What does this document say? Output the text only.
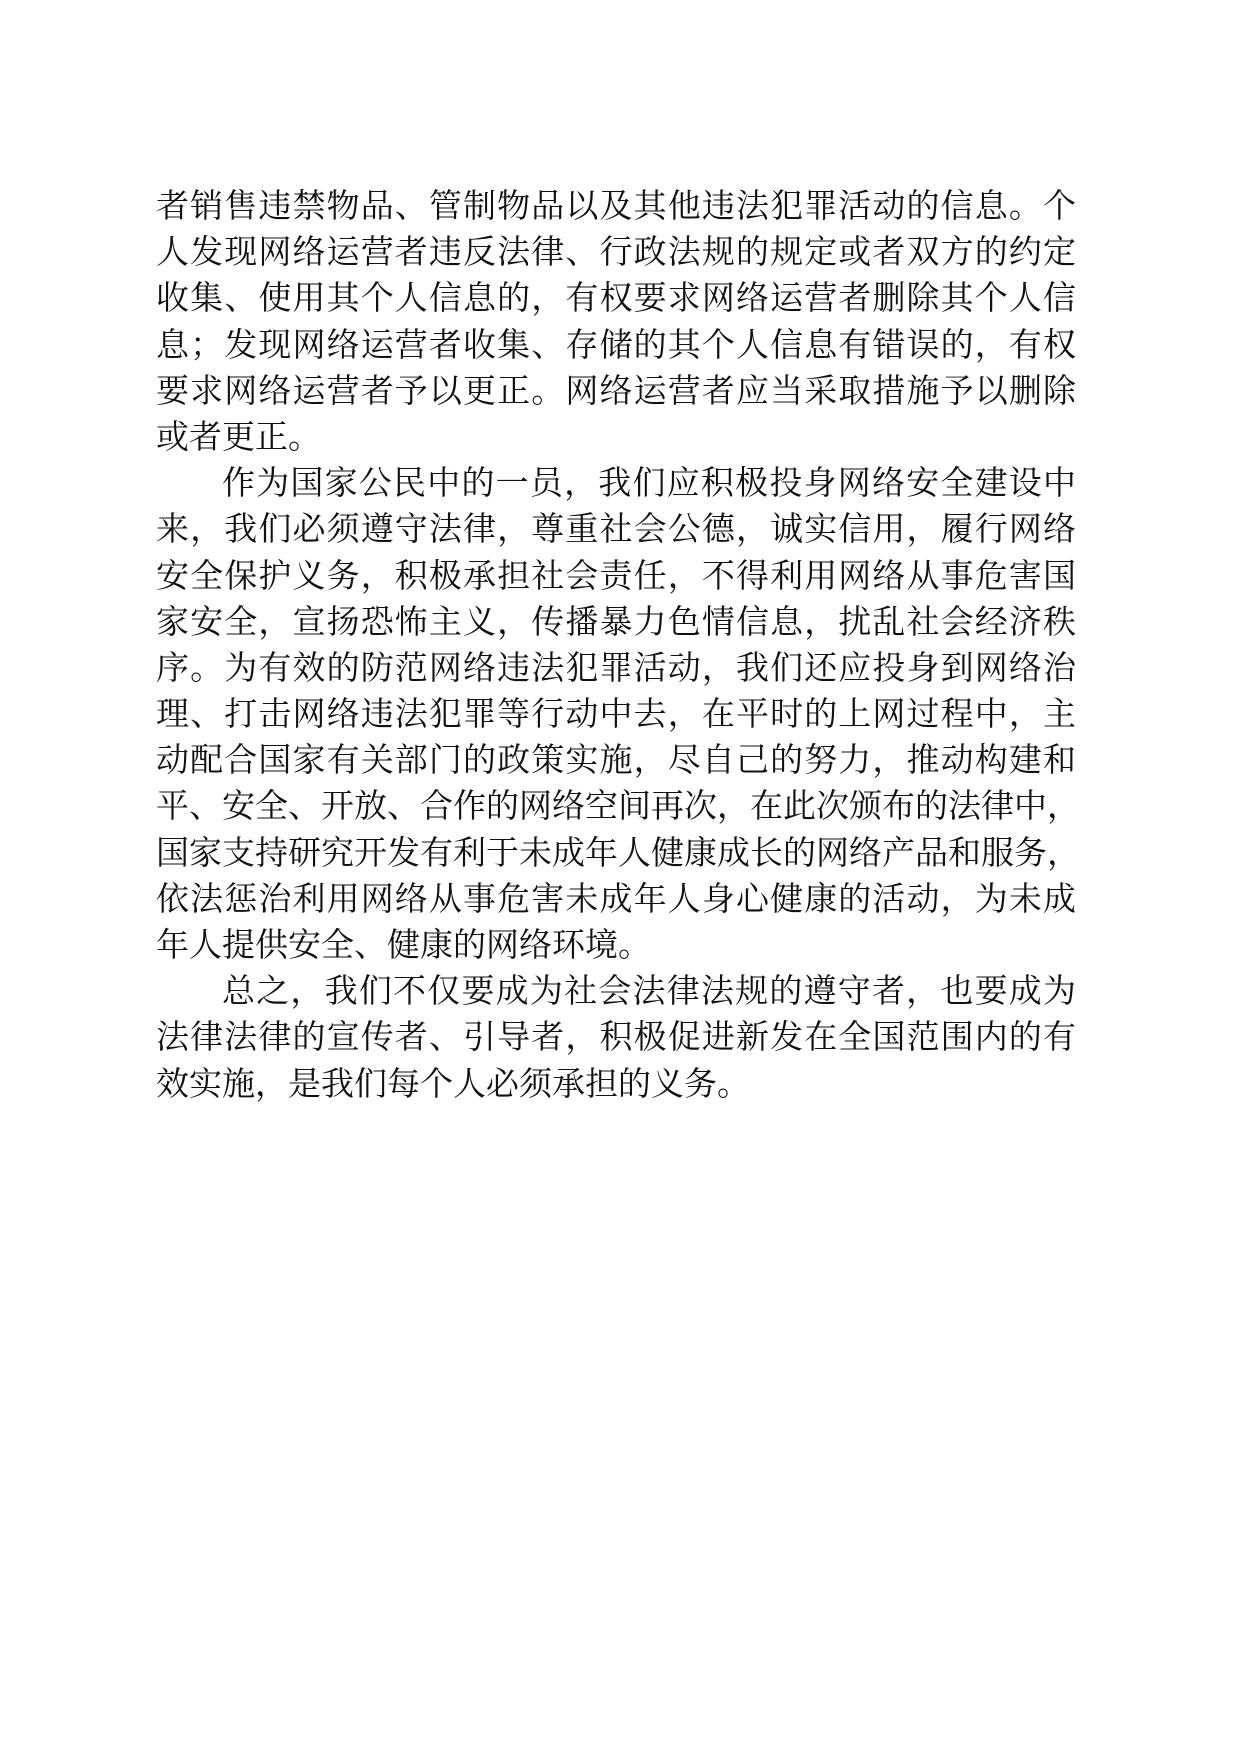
者销售违禁物品、管制物品以及其他违法犯罪活动的信息。个
人发现网络运营者违反法律、行政法规的规定或者双方的约定
收集、使用其个人信息的，有权要求网络运营者删除其个人信
息；发现网络运营者收集、存储的其个人信息有错误的，有权
要求网络运营者予以更正。网络运营者应当采取措施予以删除
或者更正。
作为国家公民中的一员，我们应积极投身网络安全建设中
来，我们必须遵守法律，尊重社会公德，诚实信用，履行网络
安全保护义务，积极承担社会责任，不得利用网络从事危害国
家安全，宣扬恐怖主义，传播暴力色情信息，扰乱社会经济秩
序。为有效的防范网络违法犯罪活动，我们还应投身到网络治
理、打击网络违法犯罪等行动中去，在平时的上网过程中，主
动配合国家有关部门的政策实施，尽自己的努力，推动构建和
平、安全、开放、合作的网络空间再次，在此次颁布的法律中，
国家支持研究开发有利于未成年人健康成长的网络产品和服务，
依法惩治利用网络从事危害未成年人身心健康的活动，为未成
年人提供安全、健康的网络环境。
总之，我们不仅要成为社会法律法规的遵守者，也要成为
法律法律的宣传者、引导者，积极促进新发在全国范围内的有
效实施，是我们每个人必须承担的义务。
